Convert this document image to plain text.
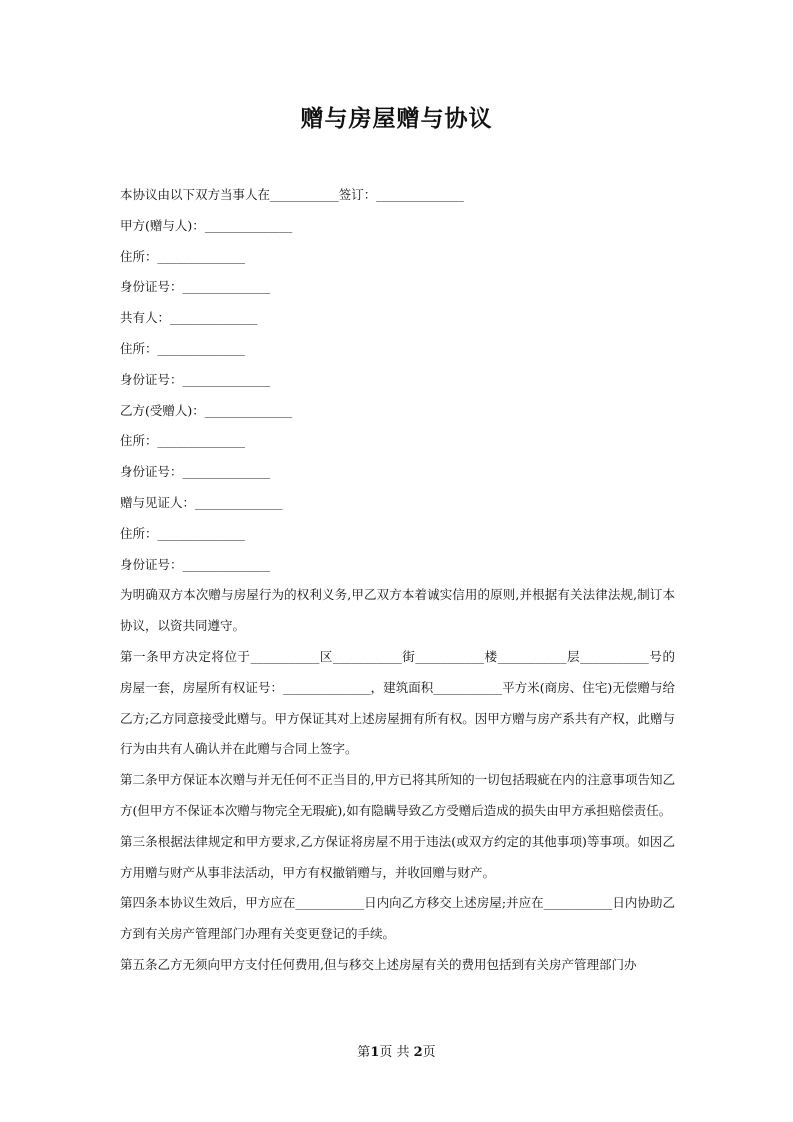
赠与房屋赠与协议
本协议由以下双方当事人在___________签订：______________
甲方(赠与人)：______________
住所：______________
身份证号：______________
共有人：______________
住所：______________
身份证号：______________
乙方(受赠人)：______________
住所：______________
身份证号：______________
赠与见证人：______________
住所：______________
身份证号：______________
为明确双方本次赠与房屋行为的权利义务,甲乙双方本着诚实信用的原则,并根据有关法律法规,制订本协议，以资共同遵守。
第一条甲方决定将位于___________区___________街___________楼___________层___________号的房屋一套，房屋所有权证号：______________，建筑面积___________平方米(商房、住宅)无偿赠与给乙方;乙方同意接受此赠与。甲方保证其对上述房屋拥有所有权。因甲方赠与房产系共有产权，此赠与行为由共有人确认并在此赠与合同上签字。
第二条甲方保证本次赠与并无任何不正当目的,甲方已将其所知的一切包括瑕疵在内的注意事项告知乙方(但甲方不保证本次赠与物完全无瑕疵),如有隐瞒导致乙方受赠后造成的损失由甲方承担赔偿责任。
第三条根据法律规定和甲方要求,乙方保证将房屋不用于违法(或双方约定的其他事项)等事项。如因乙方用赠与财产从事非法活动，甲方有权撤销赠与，并收回赠与财产。
第四条本协议生效后，甲方应在___________日内向乙方移交上述房屋;并应在___________日内协助乙方到有关房产管理部门办理有关变更登记的手续。
第五条乙方无须向甲方支付任何费用,但与移交上述房屋有关的费用包括到有关房产管理部门办
第1页 共 2页
